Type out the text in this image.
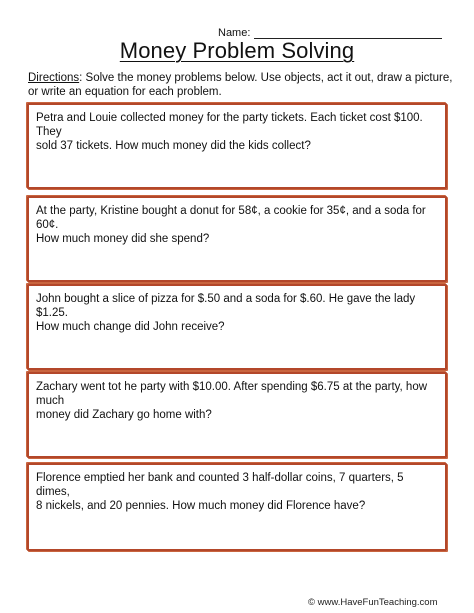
Name:
Money Problem Solving
Directions: Solve the money problems below. Use objects, act it out, draw a picture, or write an equation for each problem.
Petra and Louie collected money for the party tickets. Each ticket cost $100. They
sold 37 tickets. How much money did the kids collect?
At the party, Kristine bought a donut for 58¢, a cookie for 35¢, and a soda for 60¢.
How much money did she spend?
John bought a slice of pizza for $.50 and a soda for $.60. He gave the lady $1.25.
How much change did John receive?
Zachary went tot he party with $10.00. After spending $6.75 at the party, how much
money did Zachary go home with?
Florence emptied her bank and counted 3 half-dollar coins, 7 quarters, 5 dimes,
8 nickels, and 20 pennies. How much money did Florence have?
© www.HaveFunTeaching.com
